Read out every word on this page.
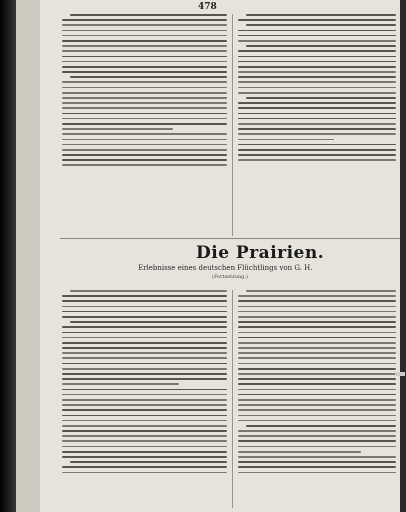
478
Die Prairien.
Erlebnisse eines deutschen Flüchtlings von G. H.
(Fortsetzung.)
